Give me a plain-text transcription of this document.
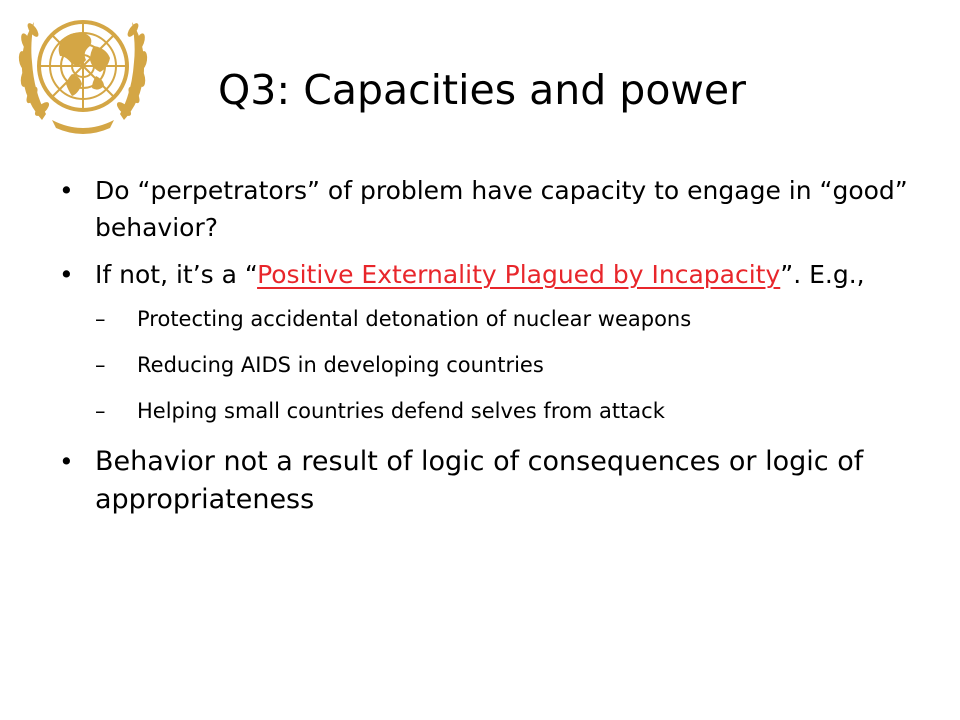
Q3: Capacities and power
• Do “perpetrators” of problem have capacity to engage in “good” behavior?
• If not, it’s a “Positive Externality Plagued by Incapacity”. E.g.,
– Protecting accidental detonation of nuclear weapons
– Reducing AIDS in developing countries
– Helping small countries defend selves from attack
• Behavior not a result of logic of consequences or logic of appropriateness
